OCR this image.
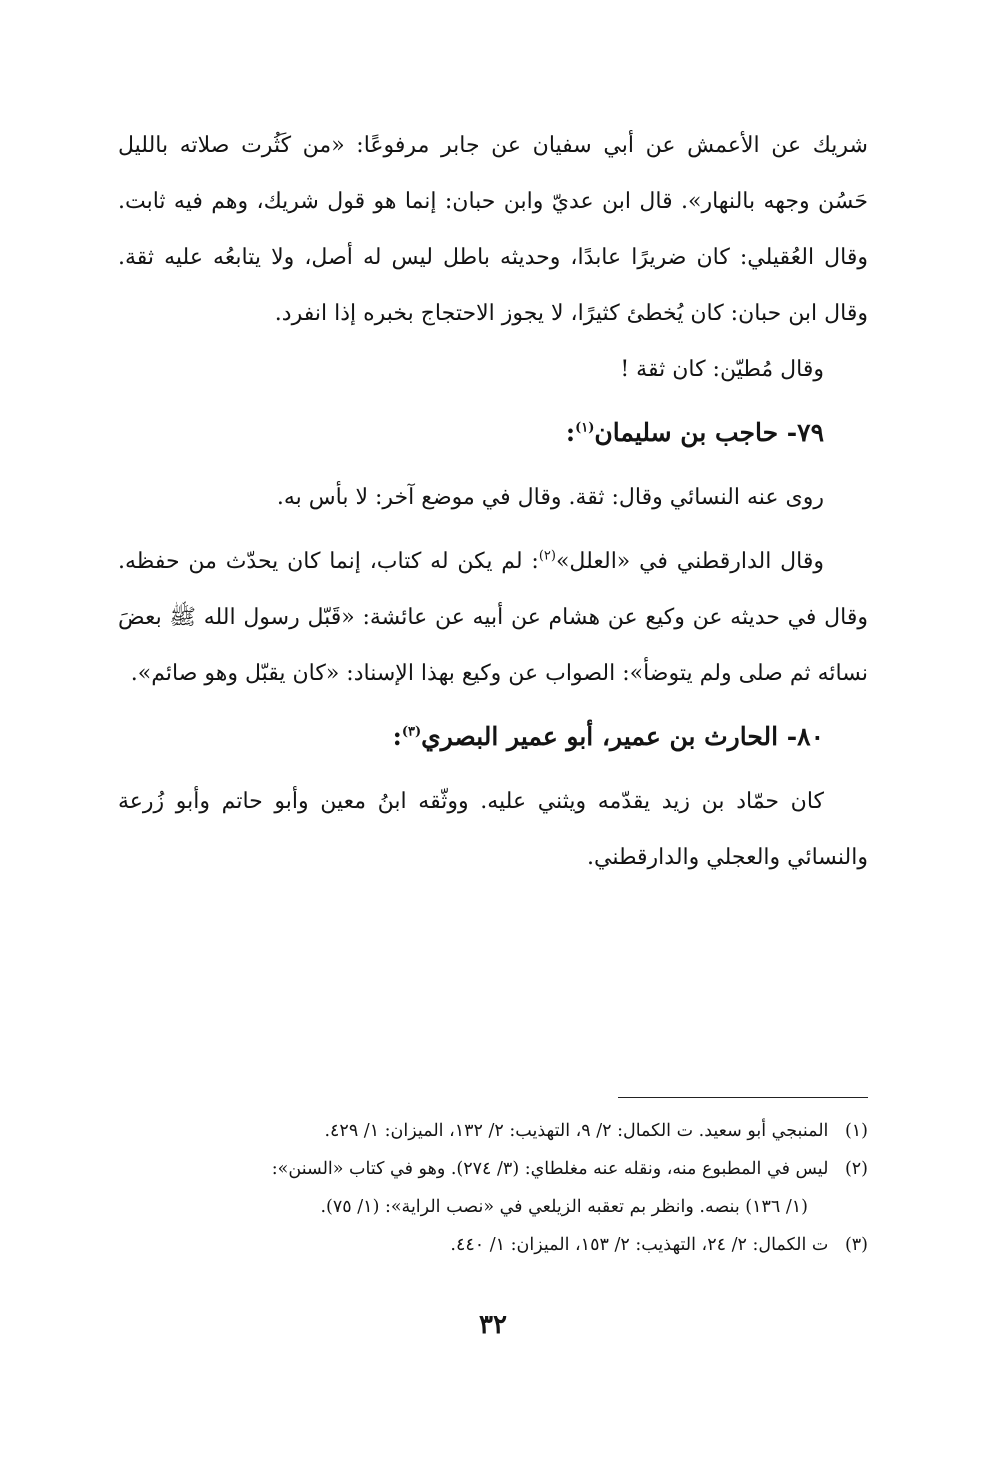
شريك عن الأعمش عن أبي سفيان عن جابر مرفوعًا: «من كَثُرت صلاته بالليل حَسُن وجهه بالنهار». قال ابن عديّ وابن حبان: إنما هو قول شريك، وهم فيه ثابت. وقال العُقيلي: كان ضريرًا عابدًا، وحديثه باطل ليس له أصل، ولا يتابعُه عليه ثقة. وقال ابن حبان: كان يُخطئ كثيرًا، لا يجوز الاحتجاج بخبره إذا انفرد.

وقال مُطيّن: كان ثقة !

٧٩- حاجب بن سليمان$^{(١)}$:

روى عنه النسائي وقال: ثقة. وقال في موضع آخر: لا بأس به.

وقال الدارقطني في «العلل»$^{(٢)}$: لم يكن له كتاب، إنما كان يحدّث من حفظه. وقال في حديثه عن وكيع عن هشام عن أبيه عن عائشة: «قَبّل رسول الله ﷺ بعضَ نسائه ثم صلى ولم يتوضأ»: الصواب عن وكيع بهذا الإسناد: «كان يقبّل وهو صائم».

٨٠- الحارث بن عمير، أبو عمير البصري$^{(٣)}$:

كان حمّاد بن زيد يقدّمه ويثني عليه. ووثّقه ابنُ معين وأبو حاتم وأبو زُرعة والنسائي والعجلي والدارقطني.

(١) المنبجي أبو سعيد. ت الكمال: ٢/ ٩، التهذيب: ٢/ ١٣٢، الميزان: ١/ ٤٢٩.

(٢) ليس في المطبوع منه، ونقله عنه مغلطاي: (٣/ ٢٧٤). وهو في كتاب «السنن»:

(١/ ١٣٦) بنصه. وانظر بم تعقبه الزيلعي في «نصب الراية»: (١/ ٧٥).

(٣) ت الكمال: ٢/ ٢٤، التهذيب: ٢/ ١٥٣، الميزان: ١/ ٤٤٠.

٣٢
